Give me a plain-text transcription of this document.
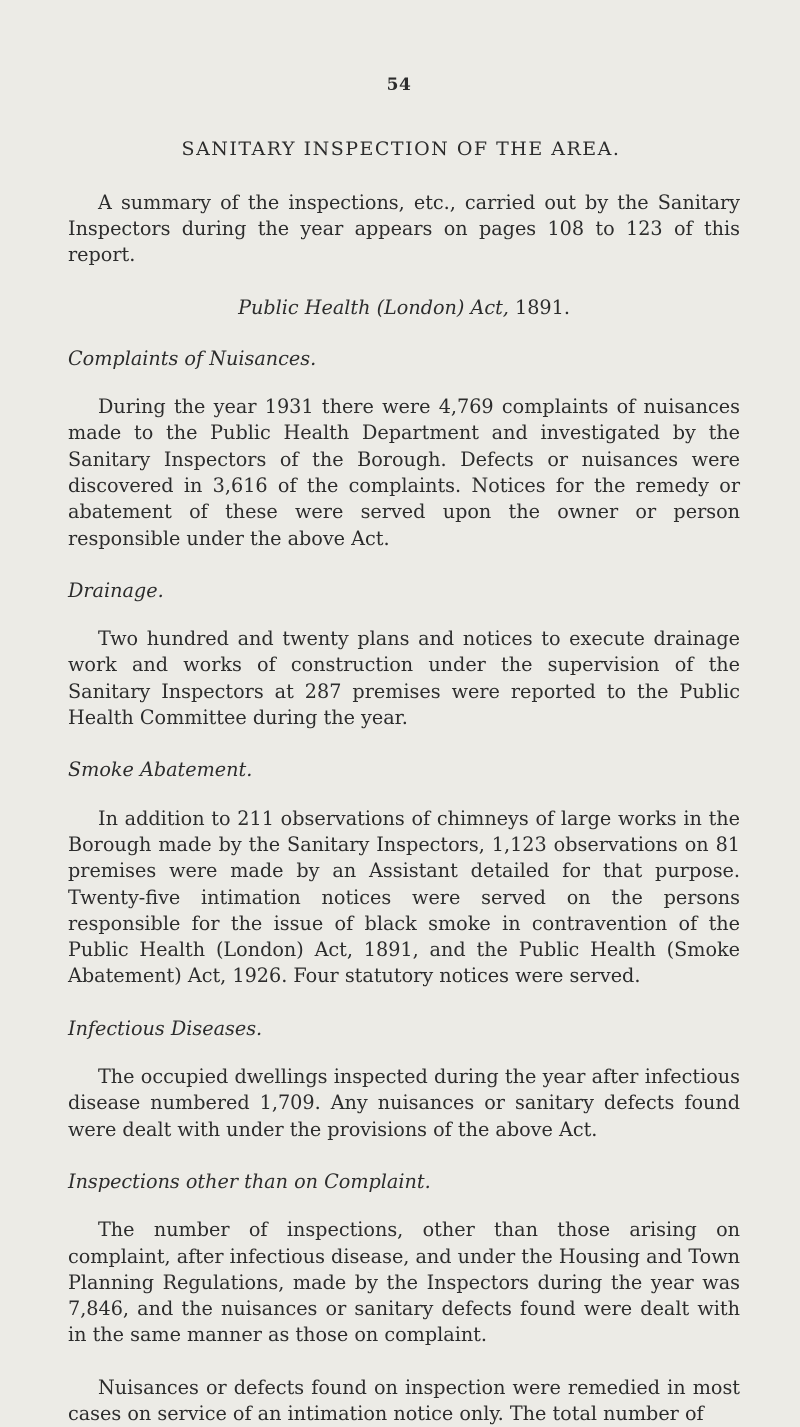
54
SANITARY INSPECTION OF THE AREA.

A summary of the inspections, etc., carried out by the Sanitary Inspectors during the year appears on pages 108 to 123 of this report.

Public Health (London) Act, 1891.
Complaints of Nuisances.

During the year 1931 there were 4,769 complaints of nuisances made to the Public Health Department and investigated by the Sanitary Inspectors of the Borough. Defects or nuisances were discovered in 3,616 of the complaints. Notices for the remedy or abatement of these were served upon the owner or person responsible under the above Act.

Drainage.

Two hundred and twenty plans and notices to execute drainage work and works of construction under the supervision of the Sanitary Inspectors at 287 premises were reported to the Public Health Committee during the year.

Smoke Abatement.

In addition to 211 observations of chimneys of large works in the Borough made by the Sanitary Inspectors, 1,123 observations on 81 premises were made by an Assistant detailed for that purpose. Twenty-five intimation notices were served on the persons responsible for the issue of black smoke in contravention of the Public Health (London) Act, 1891, and the Public Health (Smoke Abatement) Act, 1926. Four statutory notices were served.

Infectious Diseases.

The occupied dwellings inspected during the year after infectious disease numbered 1,709. Any nuisances or sanitary defects found were dealt with under the provisions of the above Act.

Inspections other than on Complaint.

The number of inspections, other than those arising on complaint, after infectious disease, and under the Housing and Town Planning Regulations, made by the Inspectors during the year was 7,846, and the nuisances or sanitary defects found were dealt with in the same manner as those on complaint.

Nuisances or defects found on inspection were remedied in most cases on service of an intimation notice only. The total number of
